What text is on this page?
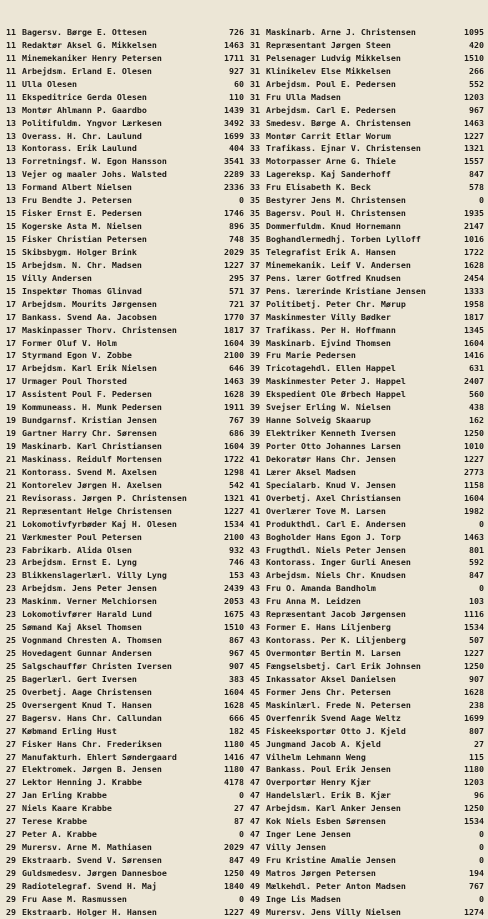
11 Bagersv. Børge E. Ottesen	726
11 Redaktør Aksel G. Mikkelsen	1463
11 Minemekaniker Henry Petersen	1711
11 Arbejdsm. Erland E. Olesen	927
11 Ulla Olesen	60
11 Ekspeditrice Gerda Olesen	110
13 Montør Ahlmann P. Gaardbo	1439
13 Politifuldm. Yngvor Lærkesen	3492
13 Overass. H. Chr. Laulund	1699
13 Kontorass. Erik Laulund	404
13 Forretningsf. W. Egon Hansson	3541
13 Vejer og maaler Johs. Walsted	2289
13 Formand Albert Nielsen	2336
13 Fru Bendte J. Petersen	0
15 Fisker Ernst E. Pedersen	1746
15 Kogerske Asta M. Nielsen	896
15 Fisker Christian Petersen	748
15 Skibsbygm. Holger Brink	2029
15 Arbejdsm. N. Chr. Madsen	1227
15 Villy Andersen	295
15 Inspektør Thomas Glinvad	571
17 Arbejdsm. Mourits Jørgensen	721
17 Bankass. Svend Aa. Jacobsen	1770
17 Maskinpasser Thorv. Christensen	1817
17 Former Oluf V. Holm	1604
17 Styrmand Egon V. Zobbe	2100
17 Arbejdsm. Karl Erik Nielsen	646
17 Urmager Poul Thorsted	1463
17 Assistent Poul F. Pedersen	1628
19 Kommuneass. H. Munk Pedersen	1911
19 Bundgarnsf. Kristian Jensen	767
19 Gartner Harry Chr. Sørensen	686
19 Maskinarb. Karl Christiansen	1604
21 Maskinass. Reidulf Mortensen	1722
21 Kontorass. Svend M. Axelsen	1298
21 Kontorelev Jørgen H. Axelsen	542
21 Revisorass. Jørgen P. Christensen	1321
21 Repræsentant Helge Christensen	1227
21 Lokomotivfyrbøder Kaj H. Olesen	1534
21 Værkmester Poul Petersen	2100
23 Fabrikarb. Alida Olsen	932
23 Arbejdsm. Ernst E. Lyng	746
23 Blikkenslagerlærl. Villy Lyng	153
23 Arbejdsm. Jens Peter Jensen	2439
23 Maskinm. Verner Melchiorsen	2053
23 Lokomotivfører Harald Lund	1675
25 Sømand Kaj Aksel Thomsen	1510
25 Vognmand Chresten A. Thomsen	867
25 Hovedagent Gunnar Andersen	967
25 Salgschauffør Christen Iversen	907
25 Bagerlærl. Gert Iversen	383
25 Overbetj. Aage Christensen	1604
25 Oversergent Knud T. Hansen	1628
27 Bagersv. Hans Chr. Callundan	666
27 Købmand Erling Hust	182
27 Fisker Hans Chr. Frederiksen	1180
27 Manufakturh. Ehlert Søndergaard	1416
27 Elektromek. Jørgen B. Jensen	1180
27 Lektor Henning J. Krabbe	4178
27 Jan Erling Krabbe	0
27 Niels Kaare Krabbe	27
27 Terese Krabbe	87
27 Peter A. Krabbe	0
29 Murersv. Arne M. Mathiasen	2029
29 Ekstraarb. Svend V. Sørensen	847
29 Guldsmedesv. Jørgen Dannesboe	1250
29 Radiotelegraf. Svend H. Maj	1840
29 Fru Aase M. Rasmussen	0
29 Ekstraarb. Holger H. Hansen	1227
31 Maskinarb. Arne J. Christensen	1095
31 Repræsentant Jørgen Steen	420
31 Pelsenager Ludvig Mikkelsen	1510
31 Klinikelev Else Mikkelsen	266
31 Arbejdsm. Poul E. Pedersen	552
31 Fru Ulla Madsen	1203
31 Arbejdsm. Carl E. Pedersen	967
33 Smedesv. Børge A. Christensen	1463
33 Montør Carrit Etlar Worum	1227
33 Trafikass. Ejnar V. Christensen	1321
33 Motorpasser Arne G. Thiele	1557
33 Lagereksp. Kaj Sanderhoff	847
33 Fru Elisabeth K. Beck	578
35 Bestyrer Jens M. Christensen	0
35 Bagersv. Poul H. Christensen	1935
35 Dommerfuldm. Knud Hornemann	2147
35 Boghandlermedhj. Torben Lylloff	1016
35 Telegrafist Erik A. Hansen	1722
37 Minemekanik. Leif V. Andersen	1628
37 Pens. lærer Gotfred Knudsen	2454
37 Pens. lærerinde Kristiane Jensen	1333
37 Politibetj. Peter Chr. Mørup	1958
37 Maskinmester Villy Bødker	1817
37 Trafikass. Per H. Hoffmann	1345
39 Maskinarb. Ejvind Thomsen	1604
39 Fru Marie Pedersen	1416
39 Tricotagehdl. Ellen Happel	631
39 Maskinmester Peter J. Happel	2407
39 Ekspedient Ole Ørbech Happel	560
39 Svejser Erling W. Nielsen	438
39 Hanne Solveig Skaarup	162
39 Elektriker Kenneth Iversen	1250
39 Porter Otto Johannes Larsen	1010
41 Dekoratør Hans Chr. Jensen	1227
41 Lærer Aksel Madsen	2773
41 Specialarb. Knud V. Jensen	1158
41 Overbetj. Axel Christiansen	1604
41 Overlærer Tove M. Larsen	1982
41 Produkthdl. Carl E. Andersen	0
43 Bogholder Hans Egon J. Torp	1463
43 Frugthdl. Niels Peter Jensen	801
43 Kontorass. Inger Gurli Anesen	592
43 Arbejdsm. Niels Chr. Knudsen	847
43 Fru O. Amanda Bandholm	0
43 Fru Anna M. Leidzen	103
43 Repræsentant Jacob Jørgensen	1116
43 Former E. Hans Liljenberg	1534
43 Kontorass. Per K. Liljenberg	507
45 Overmontør Bertin M. Larsen	1227
45 Fængselsbetj. Carl Erik Johnsen	1250
45 Inkassator Aksel Danielsen	907
45 Former Jens Chr. Petersen	1628
45 Maskinlærl. Frede N. Petersen	238
45 Overfenrik Svend Aage Weltz	1699
45 Fiskeeksportør Otto J. Kjeld	807
45 Jungmand Jacob A. Kjeld	27
47 Vilhelm Lehmann Weng	115
47 Bankass. Poul Erik Jensen	1180
47 Overportør Henry Kjær	1203
47 Handelslærl. Erik B. Kjær	96
47 Arbejdsm. Karl Anker Jensen	1250
47 Kok Niels Esben Sørensen	1534
47 Inger Lene Jensen	0
47 Villy Jensen	0
49 Fru Kristine Amalie Jensen	0
49 Matros Jørgen Petersen	194
49 Mælkehdl. Peter Anton Madsen	767
49 Inge Lis Madsen	0
49 Murersv. Jens Villy Nielsen	1274
